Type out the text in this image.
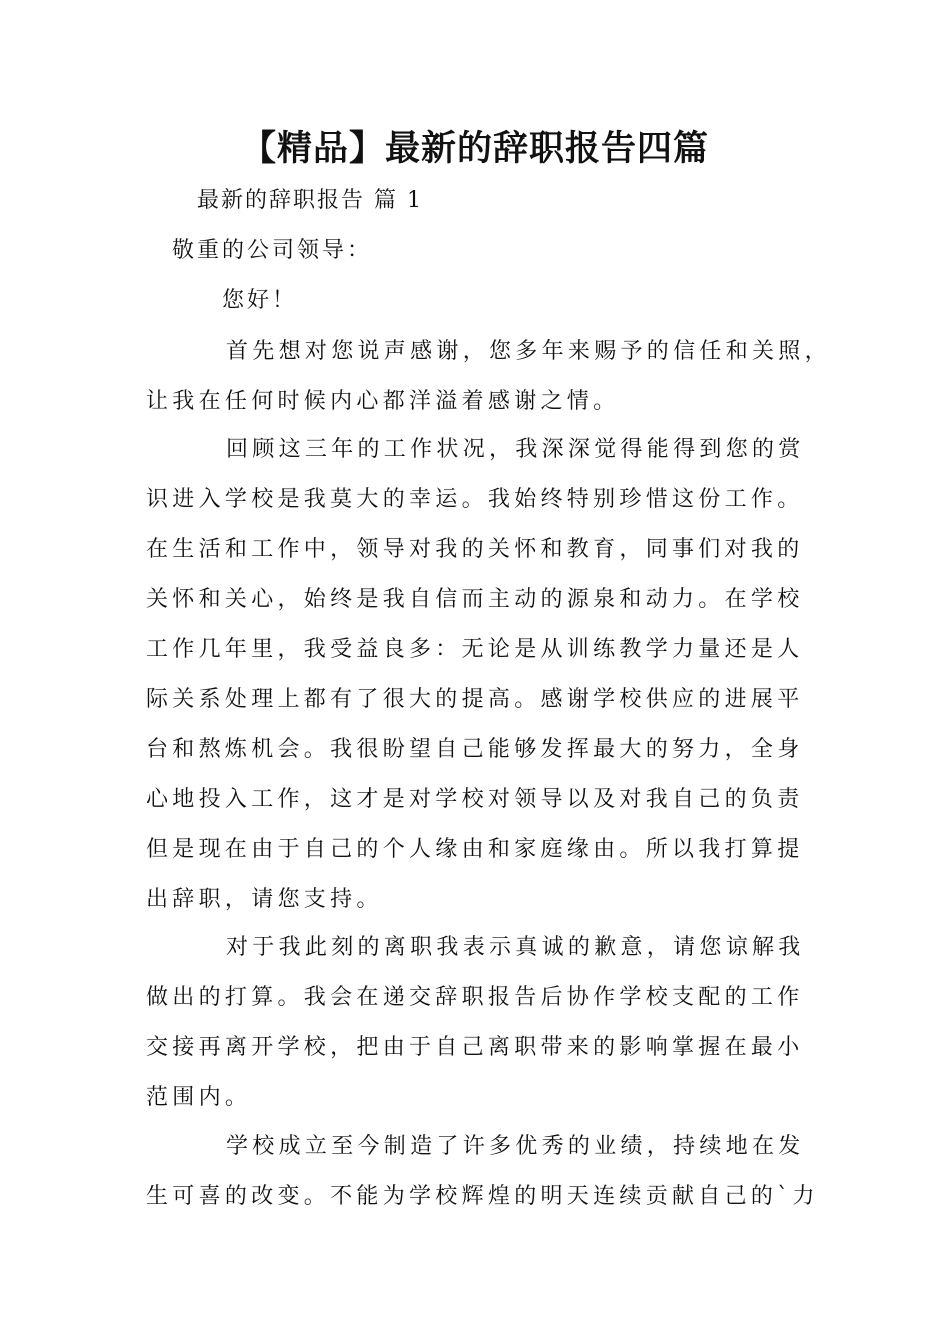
【精品】最新的辞职报告四篇
最新的辞职报告 篇 1
敬重的公司领导：
您好！

首先想对您说声感谢，您多年来赐予的信任和关照，
让我在任何时候内心都洋溢着感谢之情。

回顾这三年的工作状况，我深深觉得能得到您的赏
识进入学校是我莫大的幸运。我始终特别珍惜这份工作。
在生活和工作中，领导对我的关怀和教育，同事们对我的
关怀和关心，始终是我自信而主动的源泉和动力。在学校
工作几年里，我受益良多：无论是从训练教学力量还是人
际关系处理上都有了很大的提高。感谢学校供应的进展平
台和熬炼机会。我很盼望自己能够发挥最大的努力，全身
心地投入工作，这才是对学校对领导以及对我自己的负责
但是现在由于自己的个人缘由和家庭缘由。所以我打算提
出辞职，请您支持。

对于我此刻的离职我表示真诚的歉意，请您谅解我
做出的打算。我会在递交辞职报告后协作学校支配的工作
交接再离开学校，把由于自己离职带来的影响掌握在最小
范围内。

学校成立至今制造了许多优秀的业绩，持续地在发
生可喜的改变。不能为学校辉煌的明天连续贡献自己的`力
